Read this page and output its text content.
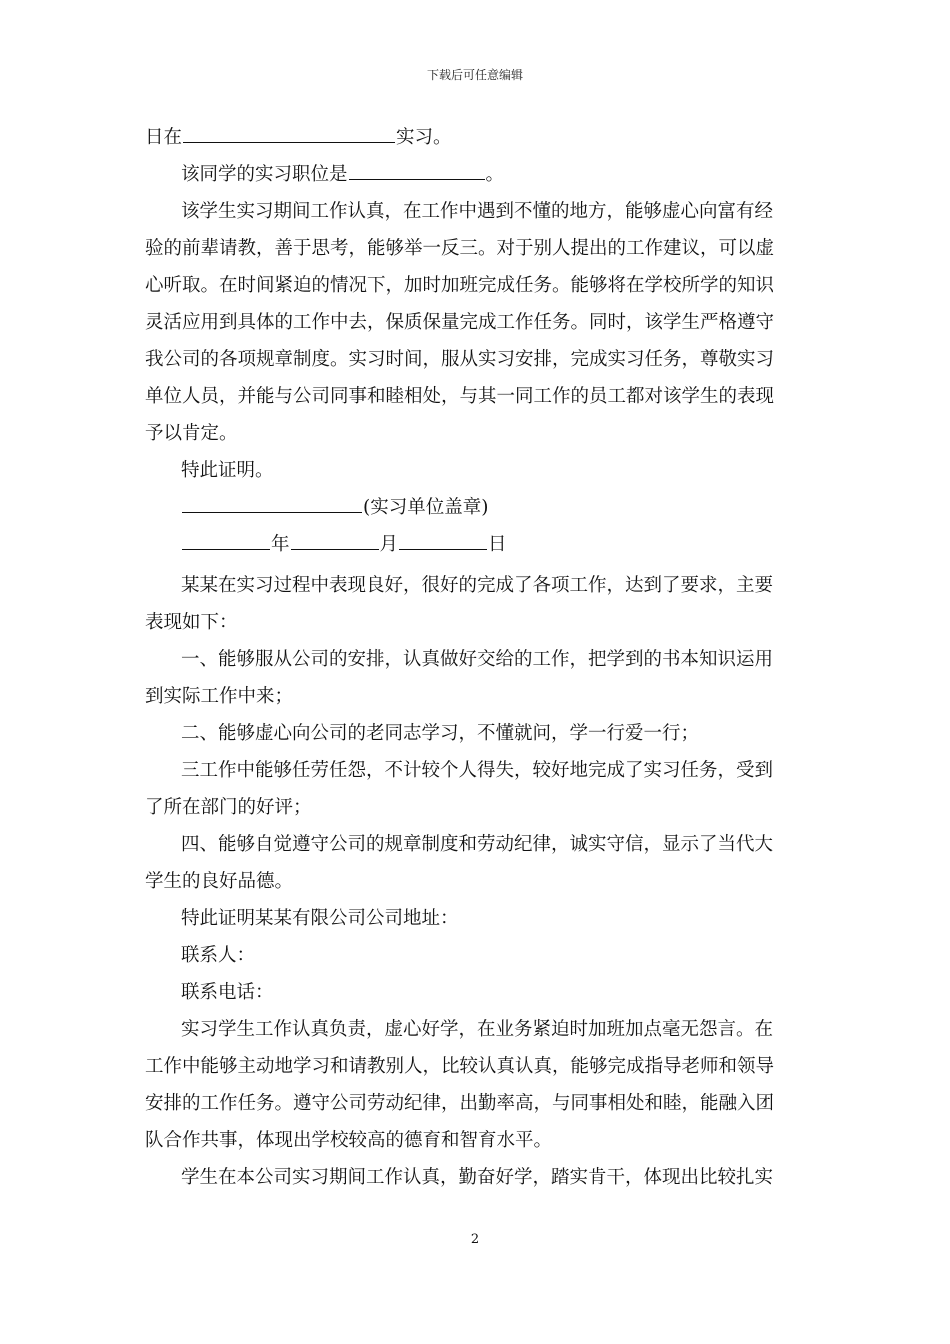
下载后可任意编辑
日在	实习。
该同学的实习职位是	。
该学生实习期间工作认真，在工作中遇到不懂的地方，能够虚心向富有经
验的前辈请教，善于思考，能够举一反三。对于别人提出的工作建议，可以虚
心听取。在时间紧迫的情况下，加时加班完成任务。能够将在学校所学的知识
灵活应用到具体的工作中去，保质保量完成工作任务。同时，该学生严格遵守
我公司的各项规章制度。实习时间，服从实习安排，完成实习任务，尊敬实习
单位人员，并能与公司同事和睦相处，与其一同工作的员工都对该学生的表现
予以肯定。
特此证明。
(实习单位盖章)
年	月	日
某某在实习过程中表现良好，很好的完成了各项工作，达到了要求，主要
表现如下：
一、能够服从公司的安排，认真做好交给的工作，把学到的书本知识运用
到实际工作中来；
二、能够虚心向公司的老同志学习，不懂就问，学一行爱一行；
三工作中能够任劳任怨，不计较个人得失，较好地完成了实习任务，受到
了所在部门的好评；
四、能够自觉遵守公司的规章制度和劳动纪律，诚实守信，显示了当代大
学生的良好品德。
特此证明某某有限公司公司地址：
联系人：
联系电话：
实习学生工作认真负责，虚心好学，在业务紧迫时加班加点毫无怨言。在
工作中能够主动地学习和请教别人，比较认真认真，能够完成指导老师和领导
安排的工作任务。遵守公司劳动纪律，出勤率高，与同事相处和睦，能融入团
队合作共事，体现出学校较高的德育和智育水平。
学生在本公司实习期间工作认真，勤奋好学，踏实肯干，体现出比较扎实
2
